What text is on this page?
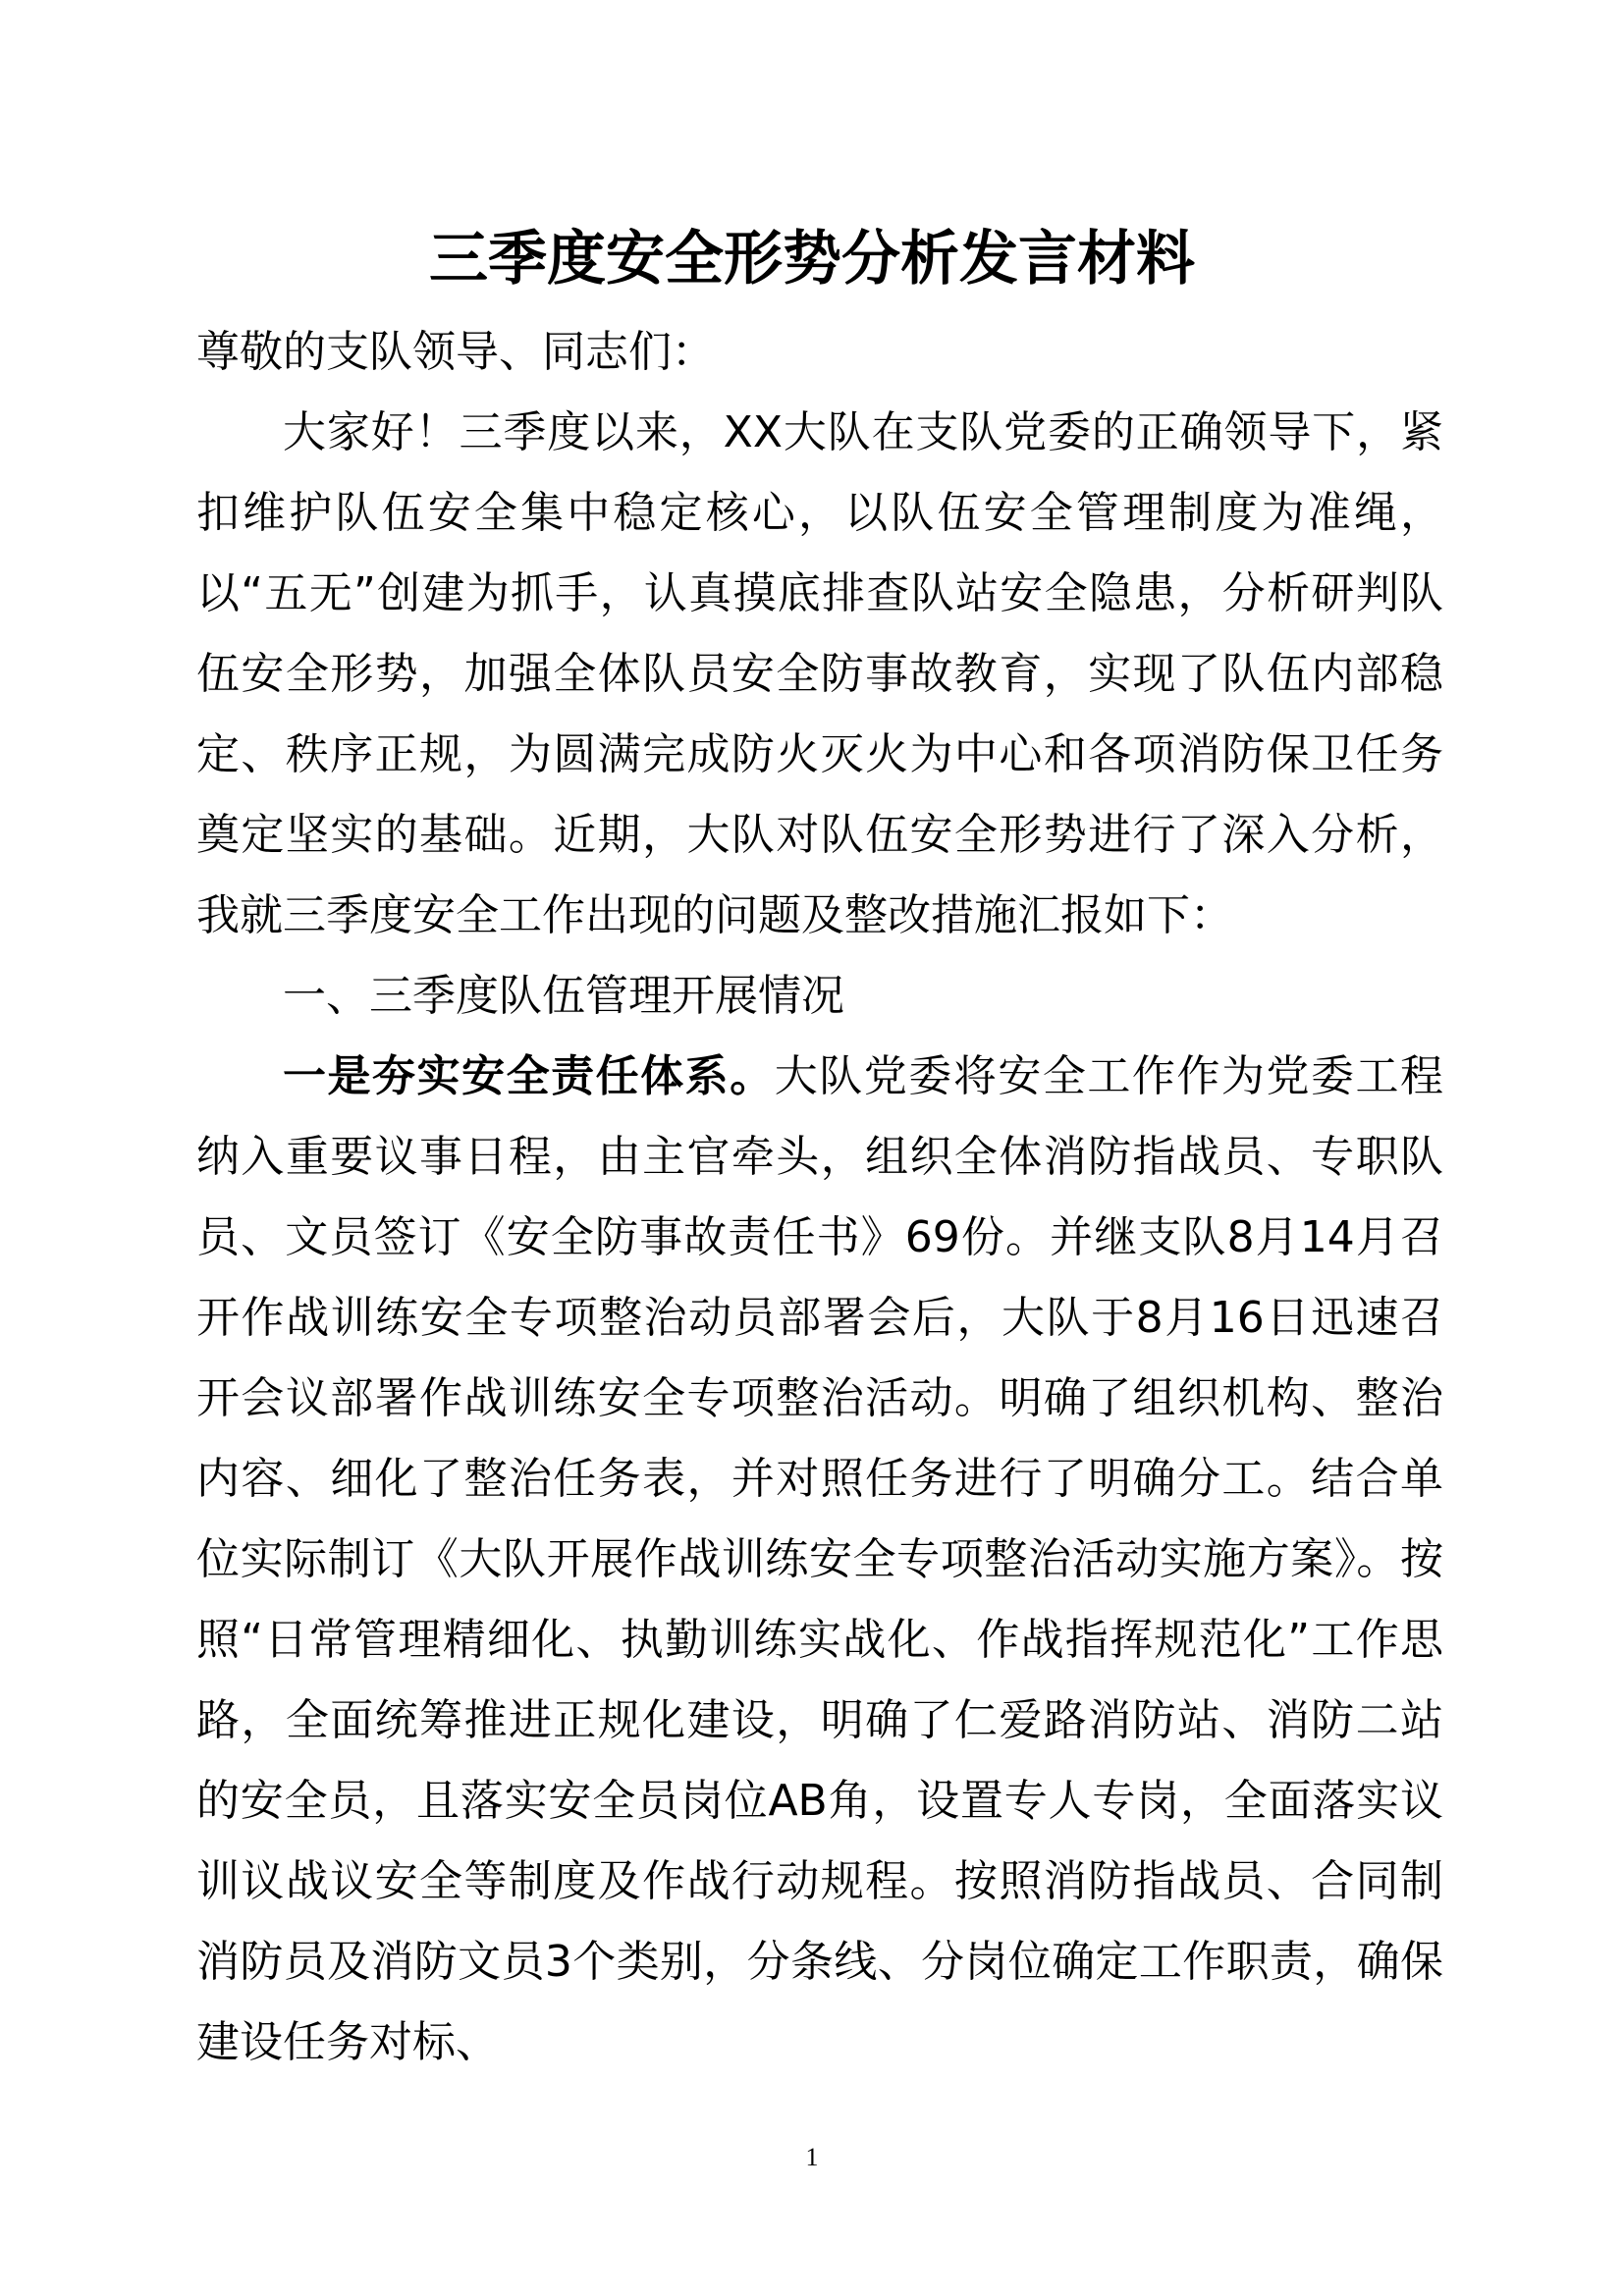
三季度安全形势分析发言材料

尊敬的支队领导、同志们：

大家好！三季度以来，XX大队在支队党委的正确领导下，紧扣维护队伍安全集中稳定核心，以队伍安全管理制度为准绳，以“五无”创建为抓手，认真摸底排查队站安全隐患，分析研判队伍安全形势，加强全体队员安全防事故教育，实现了队伍内部稳定、秩序正规，为圆满完成防火灭火为中心和各项消防保卫任务奠定坚实的基础。近期，大队对队伍安全形势进行了深入分析，我就三季度安全工作出现的问题及整改措施汇报如下：

一、三季度队伍管理开展情况

一是夯实安全责任体系。大队党委将安全工作作为党委工程纳入重要议事日程，由主官牵头，组织全体消防指战员、专职队员、文员签订《安全防事故责任书》69份。并继支队8月14月召开作战训练安全专项整治动员部署会后，大队于8月16日迅速召开会议部署作战训练安全专项整治活动。明确了组织机构、整治内容、细化了整治任务表，并对照任务进行了明确分工。结合单位实际制订《大队开展作战训练安全专项整治活动实施方案》。按照“日常管理精细化、执勤训练实战化、作战指挥规范化”工作思路，全面统筹推进正规化建设，明确了仁爱路消防站、消防二站的安全员，且落实安全员岗位AB角，设置专人专岗，全面落实议训议战议安全等制度及作战行动规程。按照消防指战员、合同制消防员及消防文员3个类别，分条线、分岗位确定工作职责，确保建设任务对标、

1
